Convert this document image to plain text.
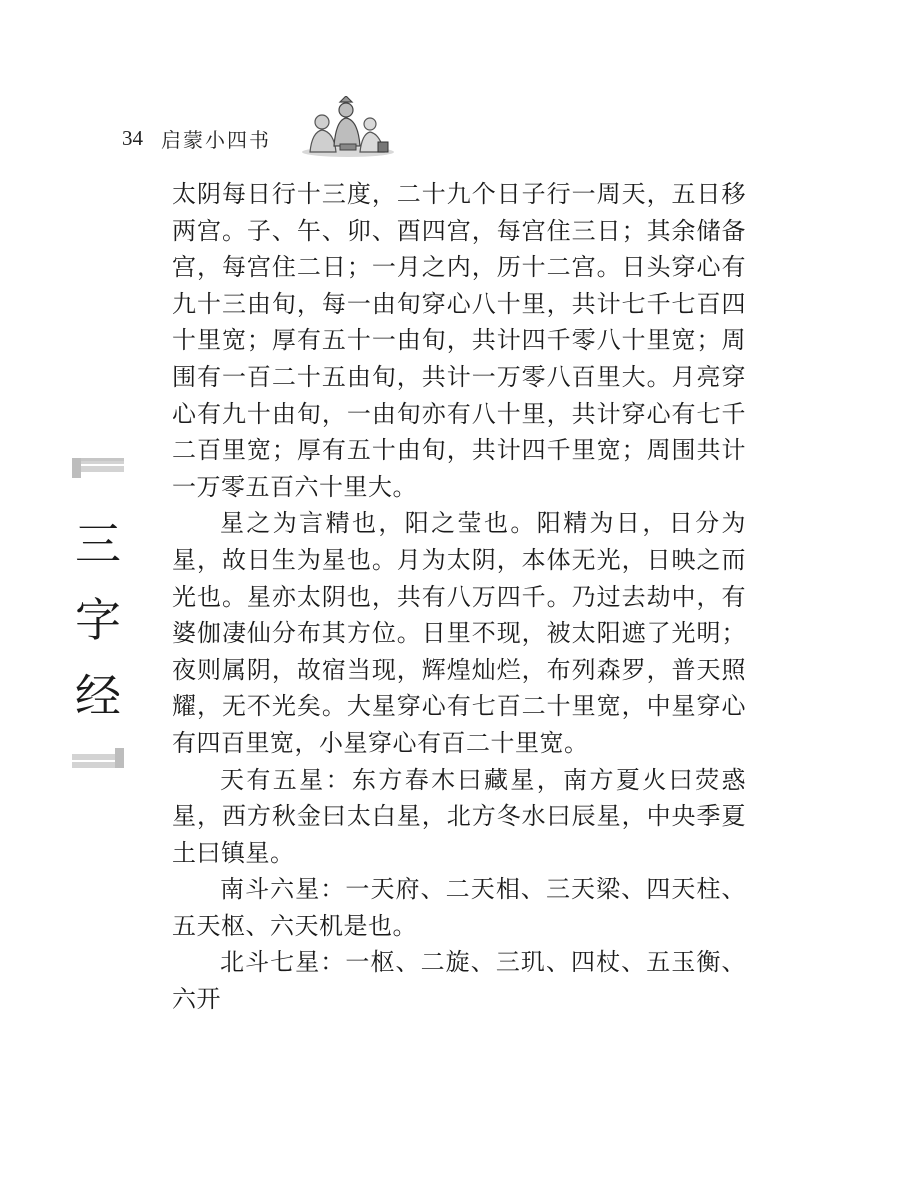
34 启蒙小四书
三
字
经

太阴每日行十三度，二十九个日子行一周天，五日移两宫。子、午、卯、酉四宫，每宫住三日；其余储备宫，每宫住二日；一月之内，历十二宫。日头穿心有九十三由旬，每一由旬穿心八十里，共计七千七百四十里宽；厚有五十一由旬，共计四千零八十里宽；周围有一百二十五由旬，共计一万零八百里大。月亮穿心有九十由旬，一由旬亦有八十里，共计穿心有七千二百里宽；厚有五十由旬，共计四千里宽；周围共计一万零五百六十里大。

星之为言精也，阳之莹也。阳精为日，日分为星，故日生为星也。月为太阴，本体无光，日映之而光也。星亦太阴也，共有八万四千。乃过去劫中，有婆伽凄仙分布其方位。日里不现，被太阳遮了光明；夜则属阴，故宿当现，辉煌灿烂，布列森罗，普天照耀，无不光矣。大星穿心有七百二十里宽，中星穿心有四百里宽，小星穿心有百二十里宽。

天有五星：东方春木曰藏星，南方夏火曰荧惑星，西方秋金曰太白星，北方冬水曰辰星，中央季夏土曰镇星。

南斗六星：一天府、二天相、三天梁、四天柱、五天枢、六天机是也。

北斗七星：一枢、二旋、三玑、四杖、五玉衡、六开
